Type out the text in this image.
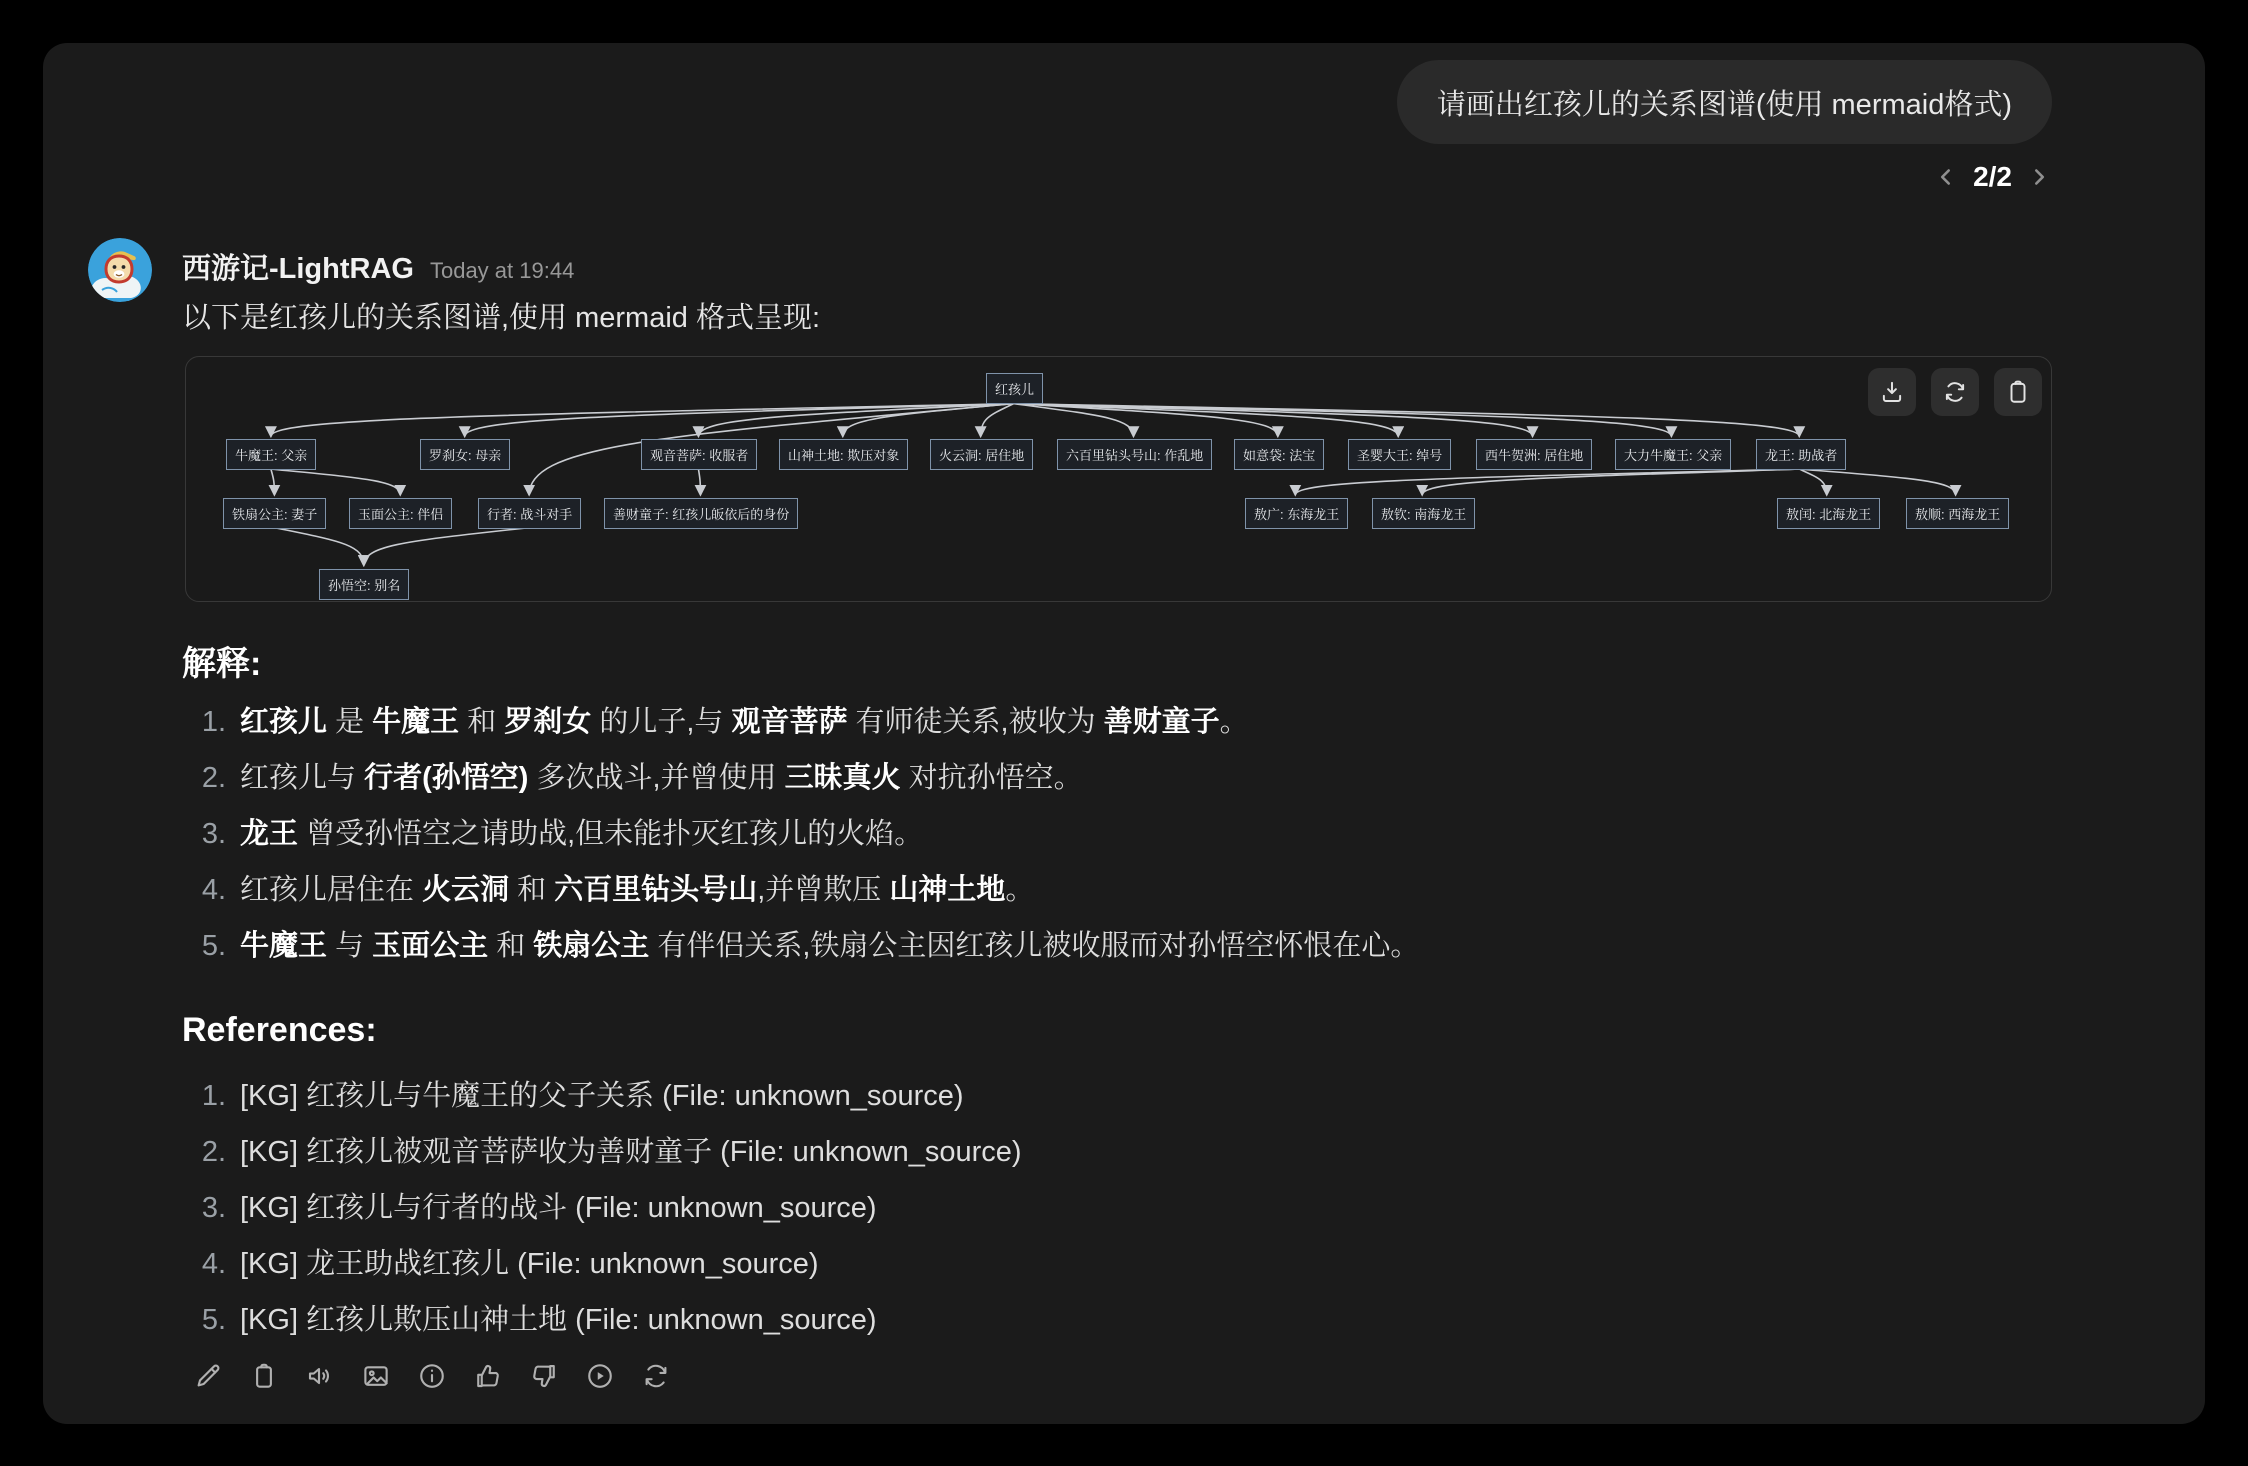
请画出红孩儿的关系图谱(使用 mermaid格式)
2/2
西游记-LightRAG Today at 19:44
以下是红孩儿的关系图谱,使用 mermaid 格式呈现:
红孩儿
牛魔王: 父亲	罗刹女: 母亲	观音菩萨: 收服者	山神土地: 欺压对象	火云洞: 居住地	六百里钻头号山: 作乱地	如意袋: 法宝	圣婴大王: 绰号	西牛贺洲: 居住地	大力牛魔王: 父亲	龙王: 助战者
铁扇公主: 妻子	玉面公主: 伴侣	行者: 战斗对手	善财童子: 红孩儿皈依后的身份	敖广: 东海龙王	敖钦: 南海龙王	敖闰: 北海龙王	敖顺: 西海龙王
孙悟空: 别名
解释:
1. 红孩儿 是 牛魔王 和 罗刹女 的儿子,与 观音菩萨 有师徒关系,被收为 善财童子。
2. 红孩儿与 行者(孙悟空) 多次战斗,并曾使用 三昧真火 对抗孙悟空。
3. 龙王 曾受孙悟空之请助战,但未能扑灭红孩儿的火焰。
4. 红孩儿居住在 火云洞 和 六百里钻头号山,并曾欺压 山神土地。
5. 牛魔王 与 玉面公主 和 铁扇公主 有伴侣关系,铁扇公主因红孩儿被收服而对孙悟空怀恨在心。
References:
1. [KG] 红孩儿与牛魔王的父子关系 (File: unknown_source)
2. [KG] 红孩儿被观音菩萨收为善财童子 (File: unknown_source)
3. [KG] 红孩儿与行者的战斗 (File: unknown_source)
4. [KG] 龙王助战红孩儿 (File: unknown_source)
5. [KG] 红孩儿欺压山神土地 (File: unknown_source)
